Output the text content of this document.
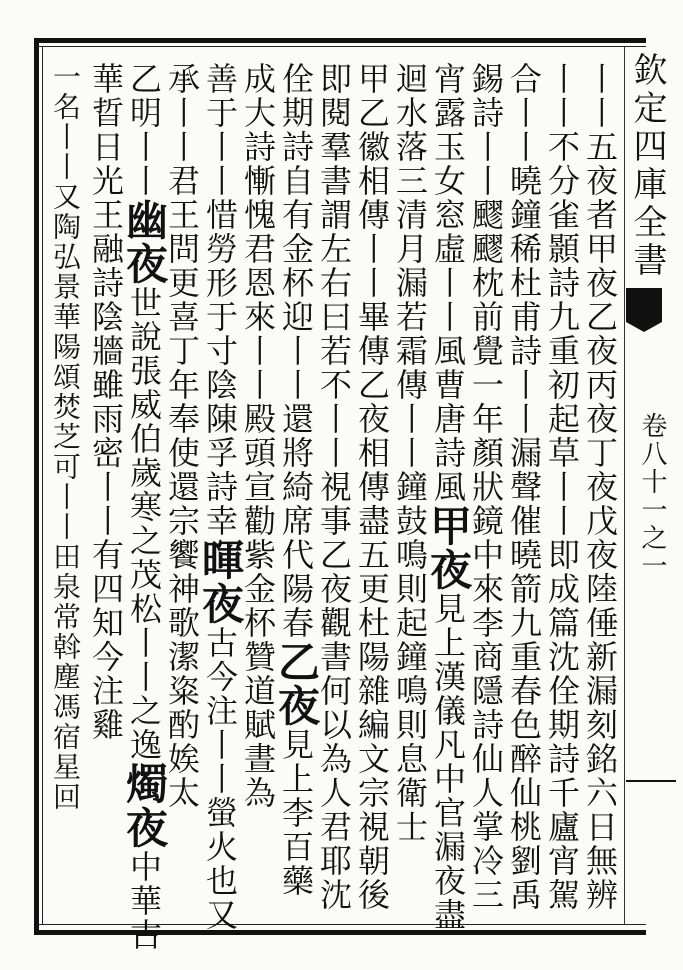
欽定四庫全書
卷八十一之一
丨丨五夜者甲夜乙夜丙夜丁夜戊夜陸倕新漏刻銘六日無辨
丨丨不分雀顥詩九重初起草丨丨即成篇沈佺期詩千廬宵駕
合丨丨曉鐘稀杜甫詩丨丨漏聲催曉箭九重春色醉仙桃劉禹
錫詩丨丨飂飂枕前覺一年顏狀鏡中來李商隱詩仙人掌冷三
宵露玉女窓虛丨丨風曹唐詩風甲夜見上漢儀凡中官漏夜盡
迴水落三清月漏若霜傳丨丨鐘鼓鳴則起鐘鳴則息衛士
甲乙徽相傳丨丨畢傳乙夜相傳盡五更杜陽雜編文宗視朝後
即閱羣書謂左右曰若不丨丨視事乙夜觀書何以為人君耶沈
佺期詩自有金杯迎丨丨還將綺席代陽春乙夜見上李百藥
成大詩慚愧君恩來丨丨殿頭宣勸紫金杯贊道賦晝為
善于丨丨惜勞形于寸陰陳孚詩幸暉夜古今注丨丨螢火也又
承丨丨君王問更喜丁年奉使還宗饗神歌潔粢酌娭太
乙明丨丨幽夜世說張威伯歲寒之茂松丨丨之逸燭夜中華古
華晢日光王融詩陰牆雖雨密丨丨有四知今注雞
一名丨丨又陶弘景華陽頌焚芝可丨丨田泉常斡塵馮宿星回
